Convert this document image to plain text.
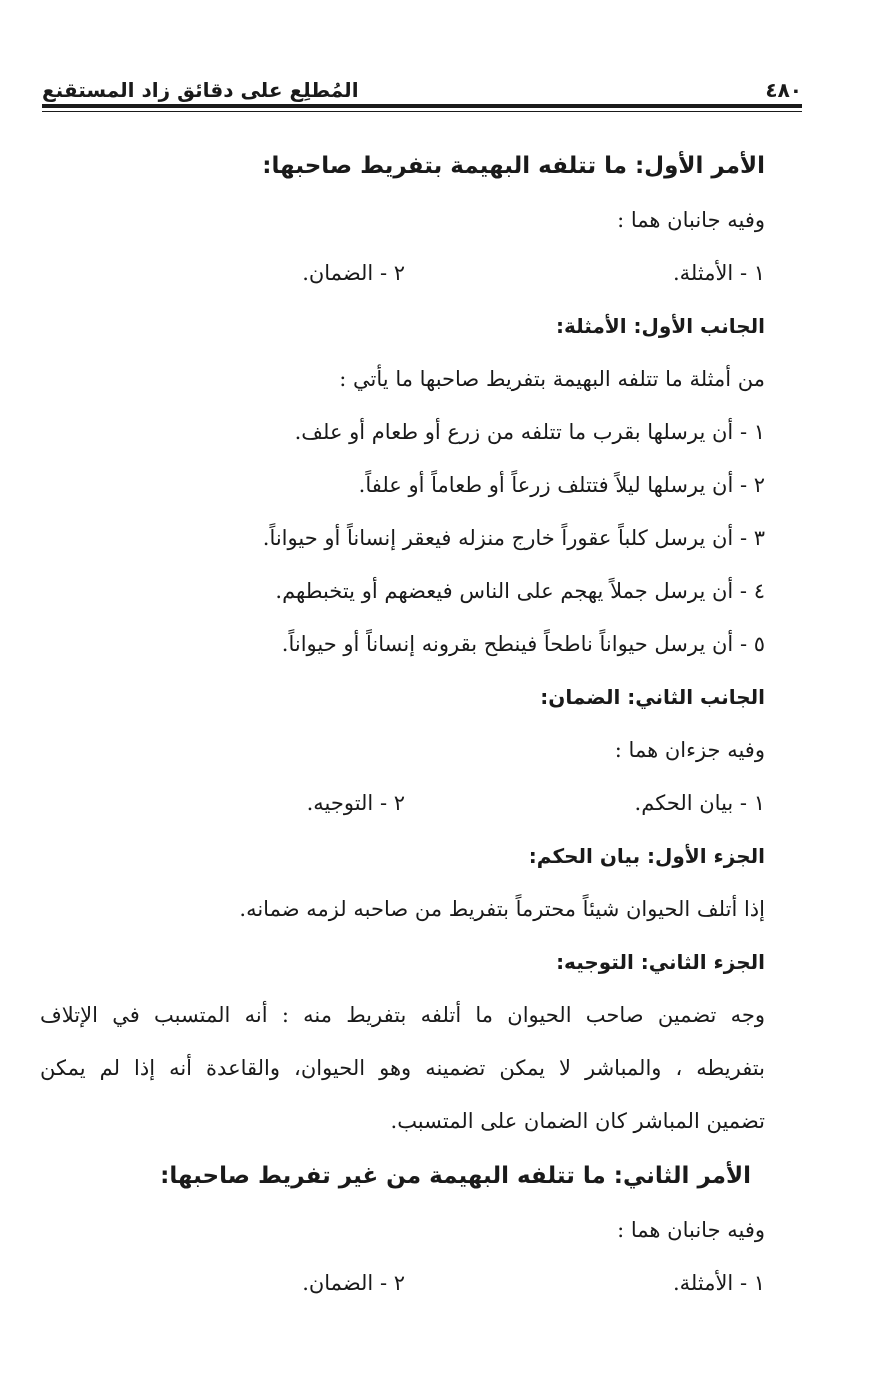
٤٨٠
المُطلِع على دقائق زاد المستقنع
الأمر الأول: ما تتلفه البهيمة بتفريط صاحبها:
وفيه جانبان هما :
١ - الأمثلة.
٢ - الضمان.
الجانب الأول: الأمثلة:
من أمثلة ما تتلفه البهيمة بتفريط صاحبها ما يأتي :
١ - أن يرسلها بقرب ما تتلفه من زرع أو طعام أو علف.
٢ - أن يرسلها ليلاً فتتلف زرعاً أو طعاماً أو علفاً.
٣ - أن يرسل كلباً عقوراً خارج منزله فيعقر إنساناً أو حيواناً.
٤ - أن يرسل جملاً يهجم على الناس فيعضهم أو يتخبطهم.
٥ - أن يرسل حيواناً ناطحاً فينطح بقرونه إنساناً أو حيواناً.
الجانب الثاني: الضمان:
وفيه جزءان هما :
١ - بيان الحكم.
٢ - التوجيه.
الجزء الأول: بيان الحكم:
إذا أتلف الحيوان شيئاً محترماً بتفريط من صاحبه لزمه ضمانه.
الجزء الثاني: التوجيه:
وجه تضمين صاحب الحيوان ما أتلفه بتفريط منه : أنه المتسبب في الإتلاف
بتفريطه ، والمباشر لا يمكن تضمينه وهو الحيوان، والقاعدة أنه إذا لم يمكن
تضمين المباشر كان الضمان على المتسبب.
الأمر الثاني: ما تتلفه البهيمة من غير تفريط صاحبها:
وفيه جانبان هما :
١ - الأمثلة.
٢ - الضمان.
